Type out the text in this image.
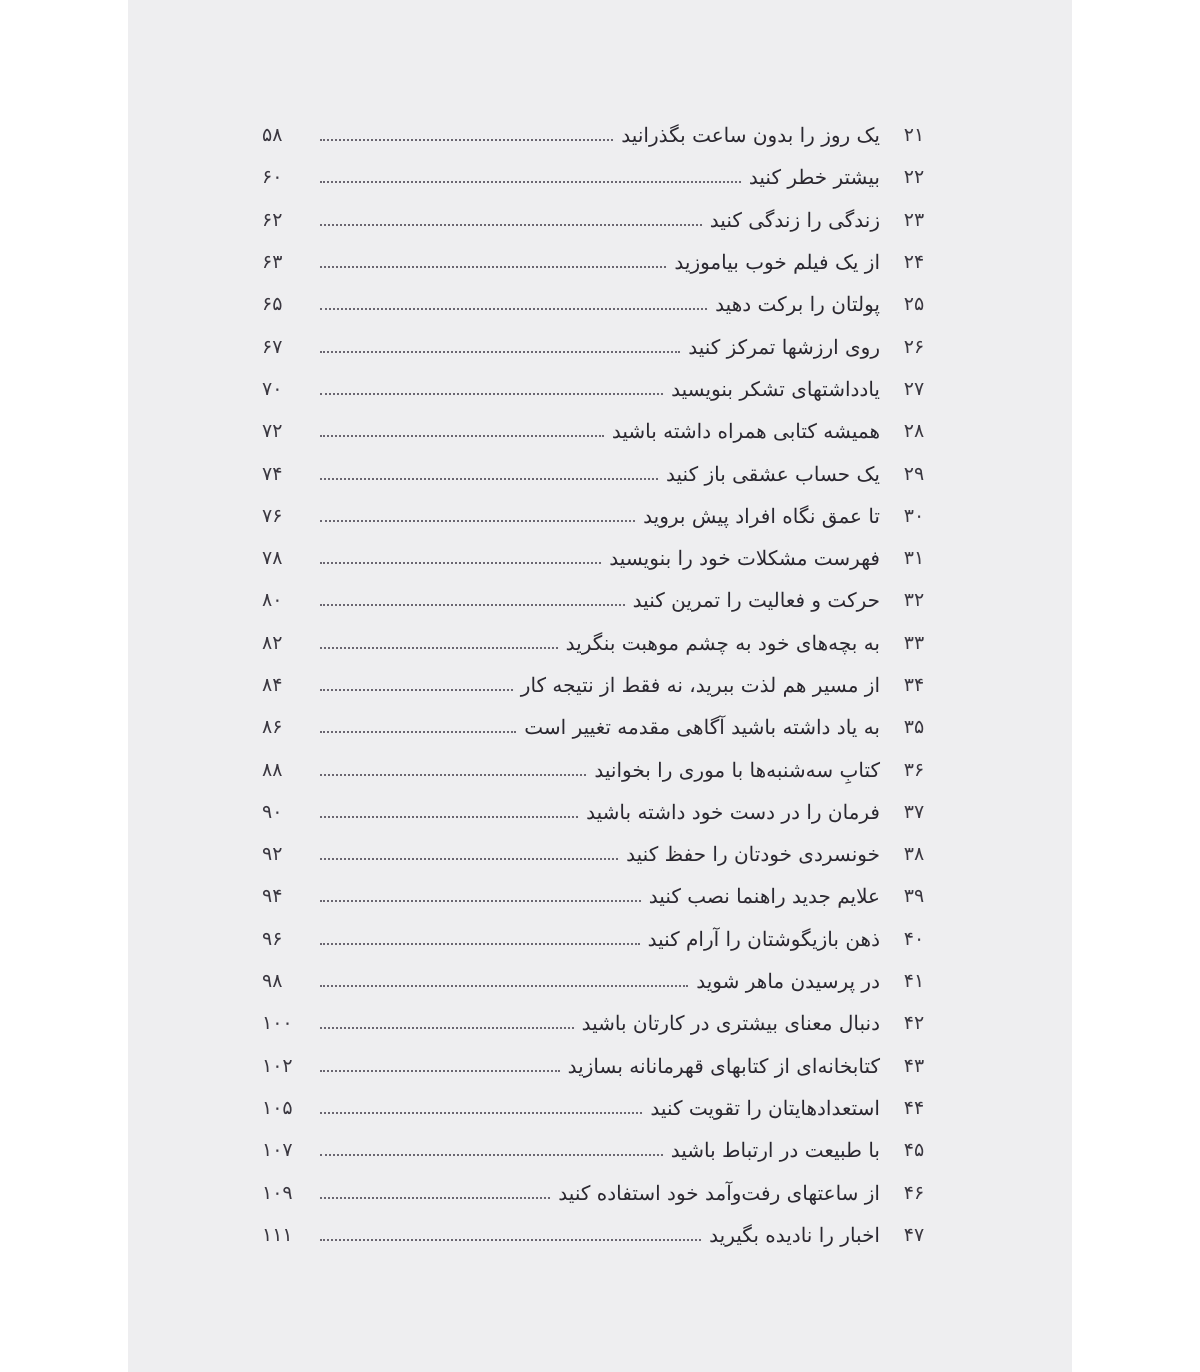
۲۱
یک روز را بدون ساعت بگذرانید
۵۸
۲۲
بیشتر خطر کنید
۶۰
۲۳
زندگی را زندگی کنید
۶۲
۲۴
از یک فیلم خوب بیاموزید
۶۳
۲۵
پولتان را برکت دهید
۶۵
۲۶
روی ارزشها تمرکز کنید
۶۷
۲۷
یادداشتهای تشکر بنویسید
۷۰
۲۸
همیشه کتابی همراه داشته باشید
۷۲
۲۹
یک حساب عشقی باز کنید
۷۴
۳۰
تا عمق نگاه افراد پیش بروید
۷۶
۳۱
فهرست مشکلات خود را بنویسید
۷۸
۳۲
حرکت و فعالیت را تمرین کنید
۸۰
۳۳
به بچه‌های خود به چشم موهبت بنگرید
۸۲
۳۴
از مسیر هم لذت ببرید، نه فقط از نتیجه کار
۸۴
۳۵
به یاد داشته باشید آگاهی مقدمه تغییر است
۸۶
۳۶
کتابِ سه‌شنبه‌ها با موری را بخوانید
۸۸
۳۷
فرمان را در دست خود داشته باشید
۹۰
۳۸
خونسردی خودتان را حفظ کنید
۹۲
۳۹
علایم جدید راهنما نصب کنید
۹۴
۴۰
ذهن بازیگوشتان را آرام کنید
۹۶
۴۱
در پرسیدن ماهر شوید
۹۸
۴۲
دنبال معنای بیشتری در کارتان باشید
۱۰۰
۴۳
کتابخانه‌ای از کتابهای قهرمانانه بسازید
۱۰۲
۴۴
استعدادهایتان را تقویت کنید
۱۰۵
۴۵
با طبیعت در ارتباط باشید
۱۰۷
۴۶
از ساعتهای رفت‌وآمد خود استفاده کنید
۱۰۹
۴۷
اخبار را نادیده بگیرید
۱۱۱
